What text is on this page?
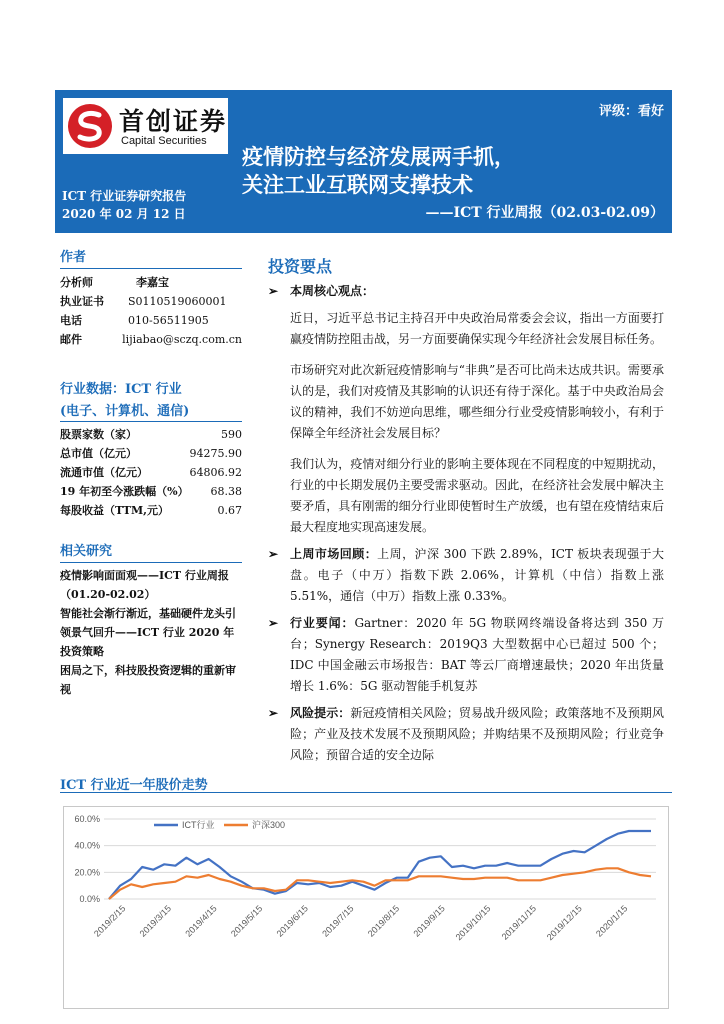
首创证券
Capital Securities
评级：看好
疫情防控与经济发展两手抓，
关注工业互联网支撑技术
——ICT 行业周报（02.03-02.09）
ICT 行业证券研究报告
2020 年 02 月 12 日
作者
分析师	李嘉宝
执业证书	S0110519060001
电话	010-56511905
邮件	lijiabao@sczq.com.cn
行业数据：ICT 行业
(电子、计算机、通信)
股票家数（家）	590
总市值（亿元）	94275.90
流通市值（亿元）	64806.92
19 年初至今涨跌幅（%） 68.38
每股收益（TTM,元）	0.67
相关研究
疫情影响面面观——ICT 行业周报（01.20-02.02）
智能社会渐行渐近，基础硬件龙头引领景气回升——ICT 行业 2020 年投资策略
困局之下，科技股投资逻辑的重新审视
投资要点
➢ 本周核心观点：
近日，习近平总书记主持召开中央政治局常委会会议，指出一方面要打赢疫情防控阻击战，另一方面要确保实现今年经济社会发展目标任务。
市场研究对此次新冠疫情影响与“非典”是否可比尚未达成共识。需要承认的是，我们对疫情及其影响的认识还有待于深化。基于中央政治局会议的精神，我们不妨逆向思维，哪些细分行业受疫情影响较小，有利于保障全年经济社会发展目标？
我们认为，疫情对细分行业的影响主要体现在不同程度的中短期扰动，行业的中长期发展仍主要受需求驱动。因此，在经济社会发展中解决主要矛盾，具有刚需的细分行业即使暂时生产放缓，也有望在疫情结束后最大程度地实现高速发展。
➢ 上周市场回顾：上周，沪深 300 下跌 2.89%，ICT 板块表现强于大盘。电子（中万）指数下跌 2.06%，计算机（中信）指数上涨 5.51%，通信（中万）指数上涨 0.33%。
➢ 行业要闻：Gartner：2020 年 5G 物联网终端设备将达到 350 万台；Synergy Research：2019Q3 大型数据中心已超过 500 个；IDC 中国金融云市场报告：BAT 等云厂商增速最快；2020 年出货量增长 1.6%：5G 驱动智能手机复苏
➢ 风险提示：新冠疫情相关风险；贸易战升级风险；政策落地不及预期风险；产业及技术发展不及预期风险；并购结果不及预期风险；行业竞争风险；预留合适的安全边际
ICT 行业近一年股价走势
0.0%
20.0%
40.0%
60.0%
ICT行业	沪深300
2019/2/15 2019/3/15 2019/4/15 2019/5/15 2019/6/15 2019/7/15 2019/8/15 2019/9/15 2019/10/15 2019/11/15 2019/12/15 2020/1/15
